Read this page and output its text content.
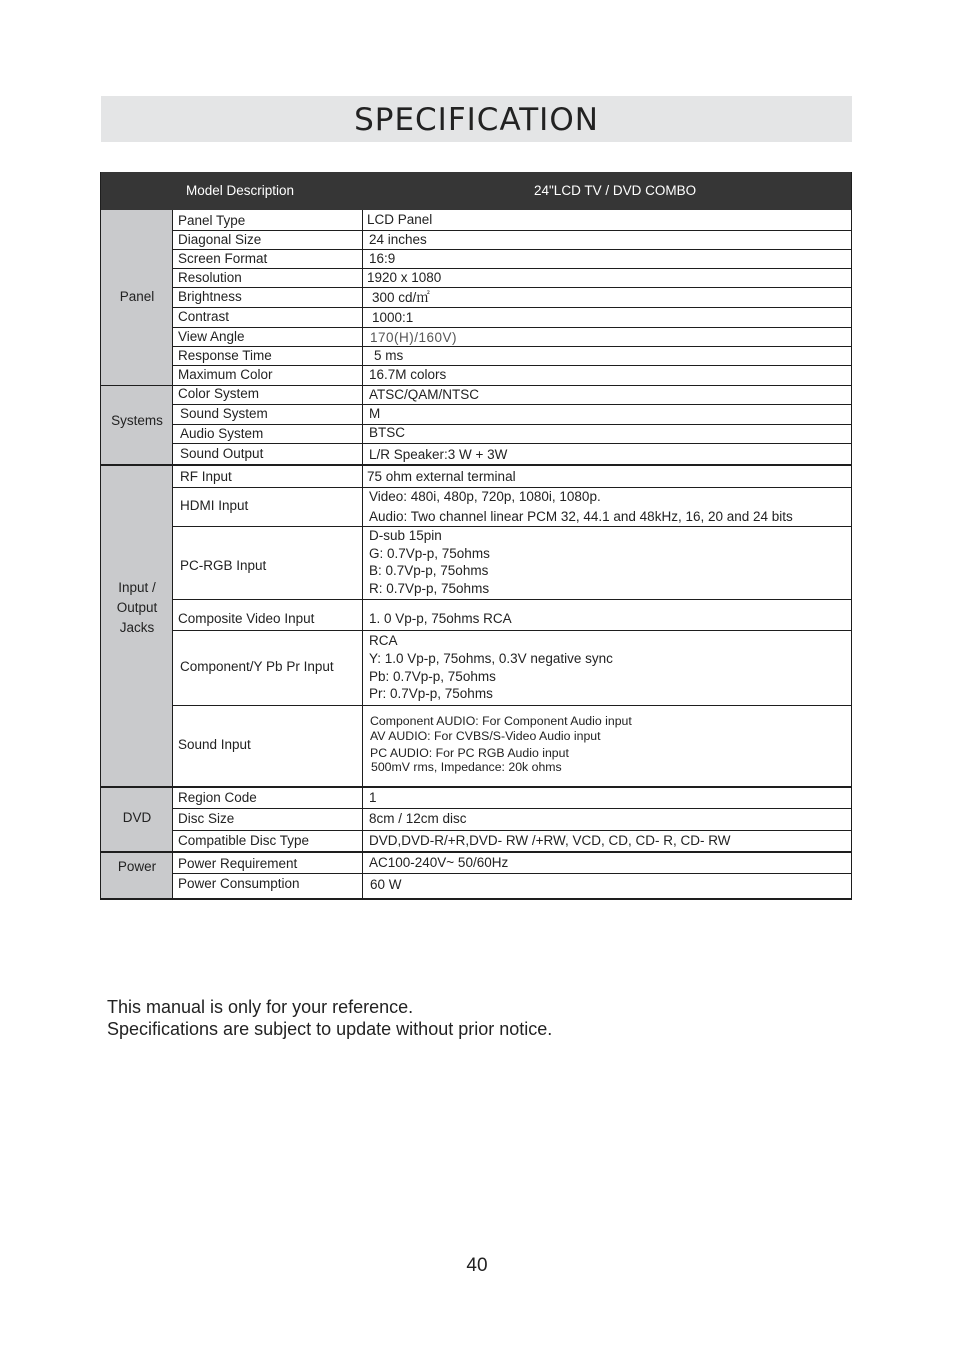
SPECIFICATION
Model Description	24"LCD TV / DVD COMBO
Panel
Systems
Input /
Output
Jacks
DVD
Power
Panel Type
Diagonal Size
Screen Format
Resolution
Brightness
Contrast
View Angle
Response Time
Maximum Color
Color System
Sound System
Audio System
Sound Output
RF Input
HDMI Input
PC-RGB Input
Composite Video Input
Component/Y Pb Pr Input
Sound Input
Region Code
Disc Size
Compatible Disc Type
Power Requirement
Power Consumption
LCD Panel
24 inches
16:9
1920 x 1080
300 cd/㎡
1000:1
170(H)/160V)
5 ms
16.7M colors
ATSC/QAM/NTSC
M
BTSC
L/R Speaker:3 W + 3W
75 ohm external terminal
Video: 480i, 480p, 720p, 1080i, 1080p.
Audio: Two channel linear PCM 32, 44.1 and 48kHz, 16, 20 and 24 bits
D-sub 15pin
G: 0.7Vp-p, 75ohms
B: 0.7Vp-p, 75ohms
R: 0.7Vp-p, 75ohms
1. 0 Vp-p, 75ohms RCA
RCA
Y: 1.0 Vp-p, 75ohms, 0.3V negative sync
Pb: 0.7Vp-p, 75ohms
Pr: 0.7Vp-p, 75ohms
Component AUDIO: For Component Audio input
AV AUDIO: For CVBS/S-Video Audio input
PC AUDIO: For PC RGB Audio input
500mV rms, Impedance: 20k ohms
1
8cm / 12cm disc
DVD,DVD-R/+R,DVD- RW /+RW, VCD, CD, CD- R, CD- RW
AC100-240V~ 50/60Hz
60 W
This manual is only for your reference.
Specifications are subject to update without prior notice.
40
